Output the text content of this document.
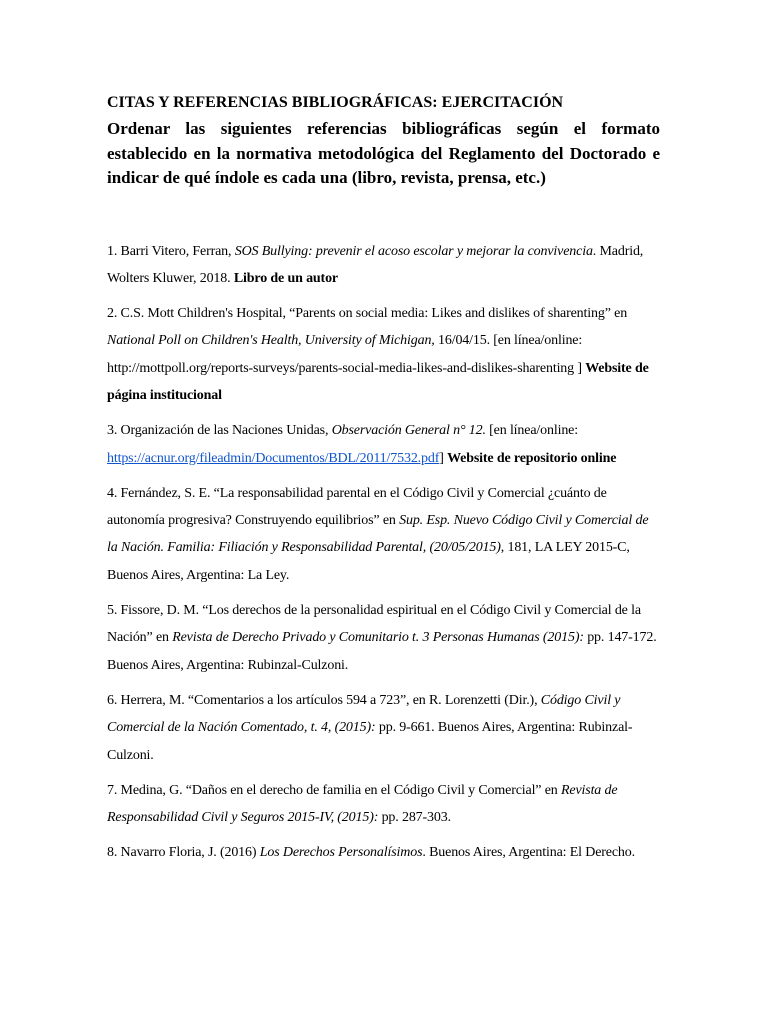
CITAS Y REFERENCIAS BIBLIOGRÁFICAS: EJERCITACIÓN

Ordenar las siguientes referencias bibliográficas según el formato establecido en la normativa metodológica del Reglamento del Doctorado e indicar de qué índole es cada una (libro, revista, prensa, etc.)

1. Barri Vitero, Ferran, SOS Bullying: prevenir el acoso escolar y mejorar la convivencia. Madrid, Wolters Kluwer, 2018. Libro de un autor

2. C.S. Mott Children's Hospital, “Parents on social media: Likes and dislikes of sharenting” en National Poll on Children's Health, University of Michigan, 16/04/15. [en línea/online: http://mottpoll.org/reports-surveys/parents-social-media-likes-and-dislikes-sharenting ] Website de página institucional

3. Organización de las Naciones Unidas, Observación General n° 12. [en línea/online: https://acnur.org/fileadmin/Documentos/BDL/2011/7532.pdf] Website de repositorio online

4. Fernández, S. E. “La responsabilidad parental en el Código Civil y Comercial ¿cuánto de autonomía progresiva? Construyendo equilibrios” en Sup. Esp. Nuevo Código Civil y Comercial de la Nación. Familia: Filiación y Responsabilidad Parental, (20/05/2015), 181, LA LEY 2015-C, Buenos Aires, Argentina: La Ley.

5. Fissore, D. M. “Los derechos de la personalidad espiritual en el Código Civil y Comercial de la Nación” en Revista de Derecho Privado y Comunitario t. 3 Personas Humanas (2015): pp. 147-172. Buenos Aires, Argentina: Rubinzal-Culzoni.

6. Herrera, M. “Comentarios a los artículos 594 a 723”, en R. Lorenzetti (Dir.), Código Civil y Comercial de la Nación Comentado, t. 4, (2015): pp. 9-661. Buenos Aires, Argentina: Rubinzal-Culzoni.

7. Medina, G. “Daños en el derecho de familia en el Código Civil y Comercial” en Revista de Responsabilidad Civil y Seguros 2015-IV, (2015): pp. 287-303.

8. Navarro Floria, J. (2016) Los Derechos Personalísimos. Buenos Aires, Argentina: El Derecho.
